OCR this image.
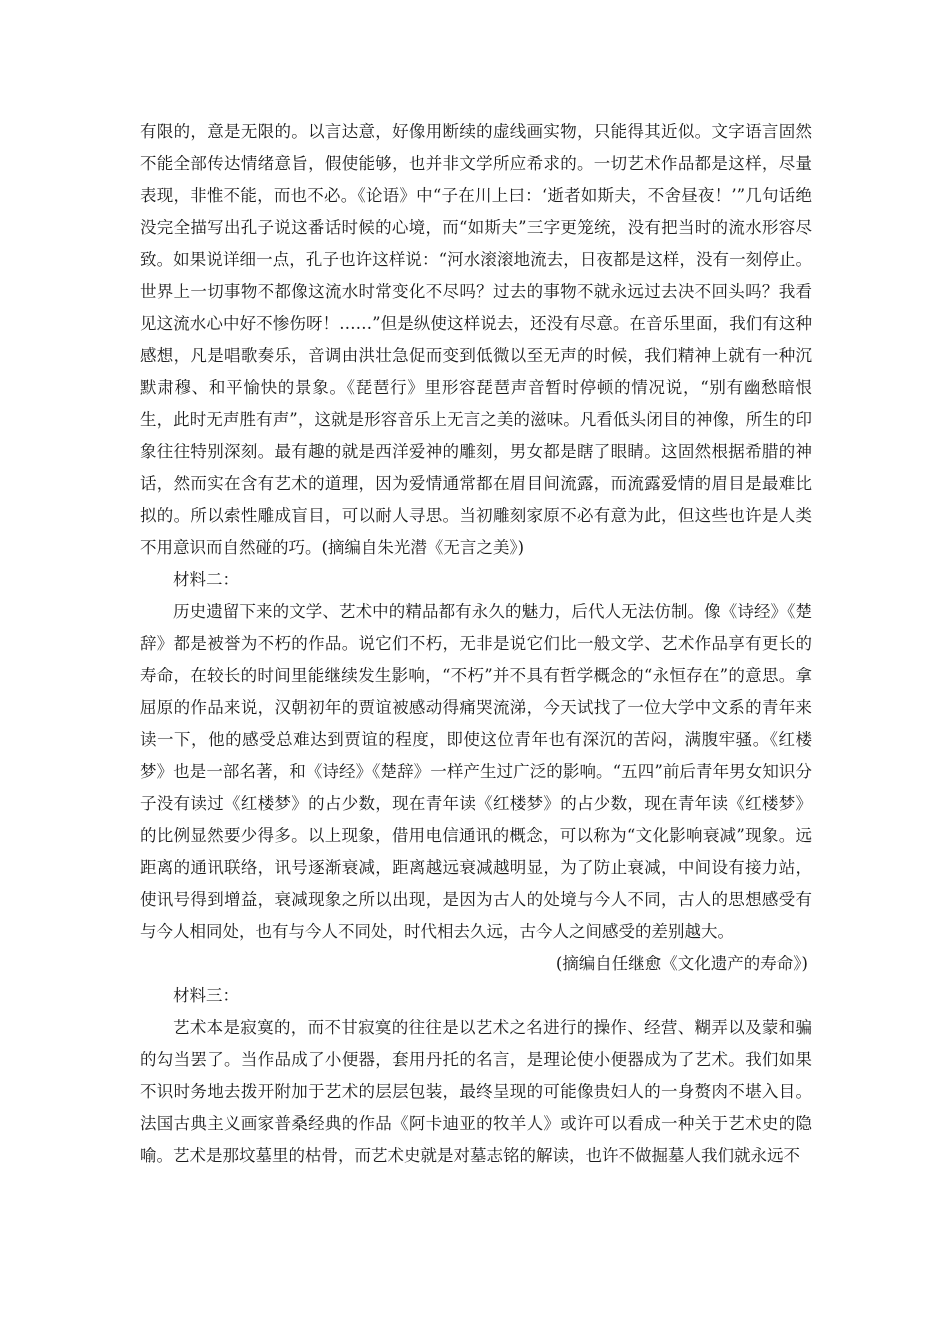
有限的，意是无限的。以言达意，好像用断续的虚线画实物，只能得其近似。文字语言固然不能全部传达情绪意旨，假使能够，也并非文学所应希求的。一切艺术作品都是这样，尽量表现，非惟不能，而也不必。《论语》中“子在川上曰：‘逝者如斯夫，不舍昼夜！’”几句话绝没完全描写出孔子说这番话时候的心境，而“如斯夫”三字更笼统，没有把当时的流水形容尽致。如果说详细一点，孔子也许这样说：“河水滚滚地流去，日夜都是这样，没有一刻停止。世界上一切事物不都像这流水时常变化不尽吗？过去的事物不就永远过去决不回头吗？我看见这流水心中好不惨伤呀！……”但是纵使这样说去，还没有尽意。在音乐里面，我们有这种感想，凡是唱歌奏乐，音调由洪壮急促而变到低微以至无声的时候，我们精神上就有一种沉默肃穆、和平愉快的景象。《琵琶行》里形容琵琶声音暂时停顿的情况说，“别有幽愁暗恨生，此时无声胜有声”，这就是形容音乐上无言之美的滋味。凡看低头闭目的神像，所生的印象往往特别深刻。最有趣的就是西洋爱神的雕刻，男女都是瞎了眼睛。这固然根据希腊的神话，然而实在含有艺术的道理，因为爱情通常都在眉目间流露，而流露爱情的眉目是最难比拟的。所以索性雕成盲目，可以耐人寻思。当初雕刻家原不必有意为此，但这些也许是人类不用意识而自然碰的巧。(摘编自朱光潜《无言之美》)

材料二：

历史遗留下来的文学、艺术中的精品都有永久的魅力，后代人无法仿制。像《诗经》《楚辞》都是被誉为不朽的作品。说它们不朽，无非是说它们比一般文学、艺术作品享有更长的寿命，在较长的时间里能继续发生影响，“不朽”并不具有哲学概念的“永恒存在”的意思。拿屈原的作品来说，汉朝初年的贾谊被感动得痛哭流涕，今天试找了一位大学中文系的青年来读一下，他的感受总难达到贾谊的程度，即使这位青年也有深沉的苦闷，满腹牢骚。《红楼梦》也是一部名著，和《诗经》《楚辞》一样产生过广泛的影响。“五四”前后青年男女知识分子没有读过《红楼梦》的占少数，现在青年读《红楼梦》的占少数，现在青年读《红楼梦》的比例显然要少得多。以上现象，借用电信通讯的概念，可以称为“文化影响衰减”现象。远距离的通讯联络，讯号逐渐衰减，距离越远衰减越明显，为了防止衰减，中间设有接力站，使讯号得到增益，衰减现象之所以出现，是因为古人的处境与今人不同，古人的思想感受有与今人相同处，也有与今人不同处，时代相去久远，古今人之间感受的差别越大。

(摘编自任继愈《文化遗产的寿命》)

材料三：

艺术本是寂寞的，而不甘寂寞的往往是以艺术之名进行的操作、经营、糊弄以及蒙和骗的勾当罢了。当作品成了小便器，套用丹托的名言，是理论使小便器成为了艺术。我们如果不识时务地去拨开附加于艺术的层层包装，最终呈现的可能像贵妇人的一身赘肉不堪入目。法国古典主义画家普桑经典的作品《阿卡迪亚的牧羊人》或许可以看成一种关于艺术史的隐喻。艺术是那坟墓里的枯骨，而艺术史就是对墓志铭的解读，也许不做掘墓人我们就永远不
